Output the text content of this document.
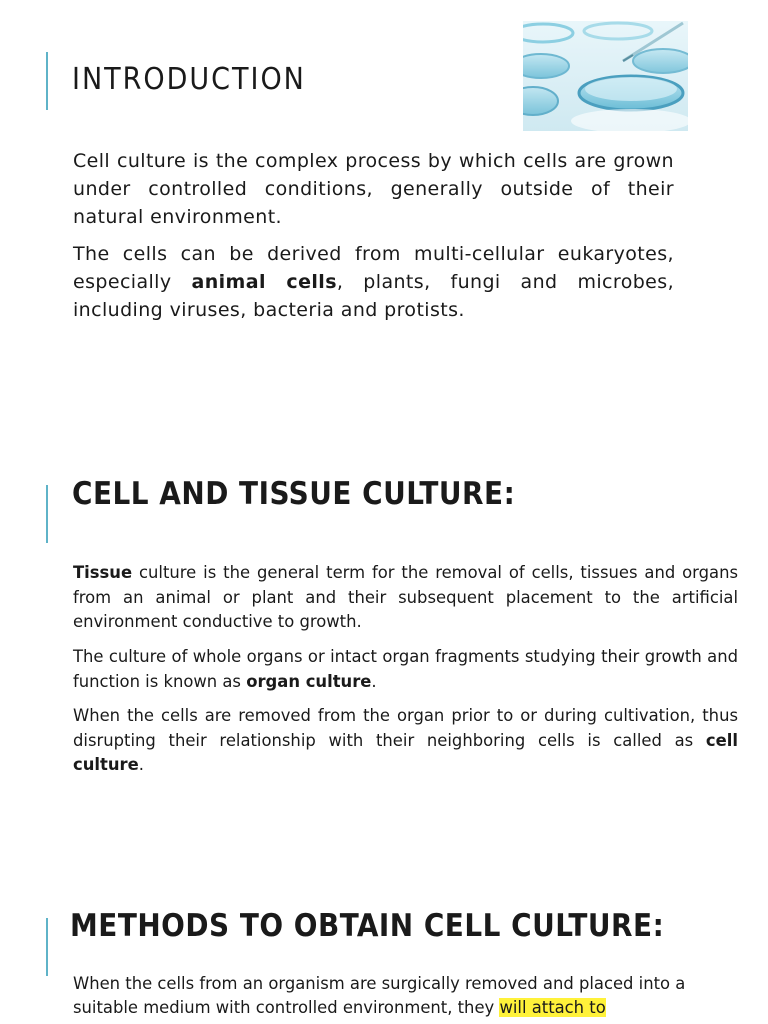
INTRODUCTION

Cell culture is the complex process by which cells are grown under controlled conditions, generally outside of their natural environment.

The cells can be derived from multi-cellular eukaryotes, especially animal cells, plants, fungi and microbes, including viruses, bacteria and protists.

CELL AND TISSUE CULTURE:

Tissue culture is the general term for the removal of cells, tissues and organs from an animal or plant and their subsequent placement to the artificial environment conductive to growth.

The culture of whole organs or intact organ fragments studying their growth and function is known as organ culture.

When the cells are removed from the organ prior to or during cultivation, thus disrupting their relationship with their neighboring cells is called as cell culture.

METHODS TO OBTAIN CELL CULTURE:

When the cells from an organism are surgically removed and placed into a suitable medium with controlled environment, they will attach to
